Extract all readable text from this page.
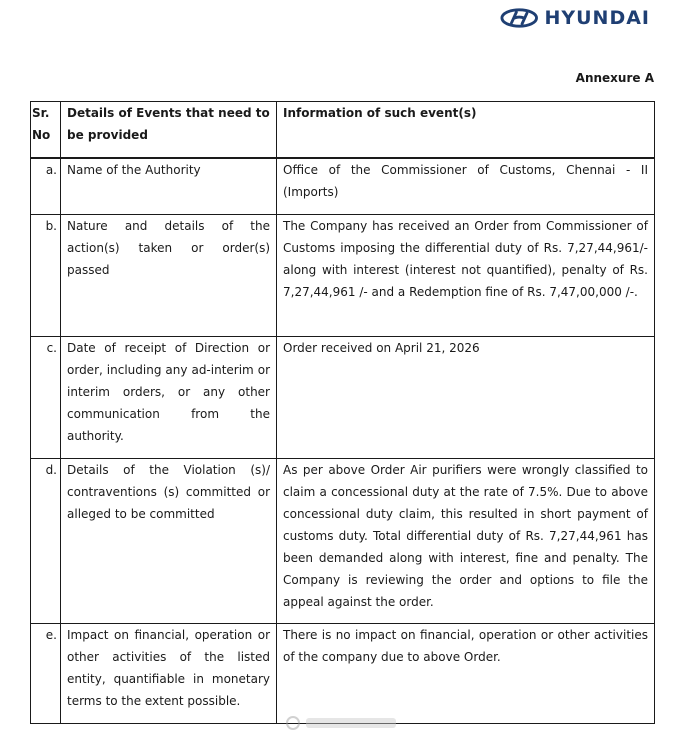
HYUNDAI
Annexure A
Sr.
No	Details of Events that need to be provided	Information of such event(s)

a.	Name of the Authority	Office of the Commissioner of Customs, Chennai - II (Imports)

b.	Nature and details of the action(s) taken or order(s) passed	The Company has received an Order from Commissioner of Customs imposing the differential duty of Rs. 7,27,44,961/- along with interest (interest not quantified), penalty of Rs. 7,27,44,961 /- and a Redemption fine of Rs. 7,47,00,000 /-.

c.	Date of receipt of Direction or order, including any ad-interim or interim orders, or any other communication from the authority.	Order received on April 21, 2026

d.	Details of the Violation (s)/ contraventions (s) committed or alleged to be committed	As per above Order Air purifiers were wrongly classified to claim a concessional duty at the rate of 7.5%. Due to above concessional duty claim, this resulted in short payment of customs duty. Total differential duty of Rs. 7,27,44,961 has been demanded along with interest, fine and penalty. The Company is reviewing the order and options to file the appeal against the order.

e.	Impact on financial, operation or other activities of the listed entity, quantifiable in monetary terms to the extent possible.	There is no impact on financial, operation or other activities of the company due to above Order.
